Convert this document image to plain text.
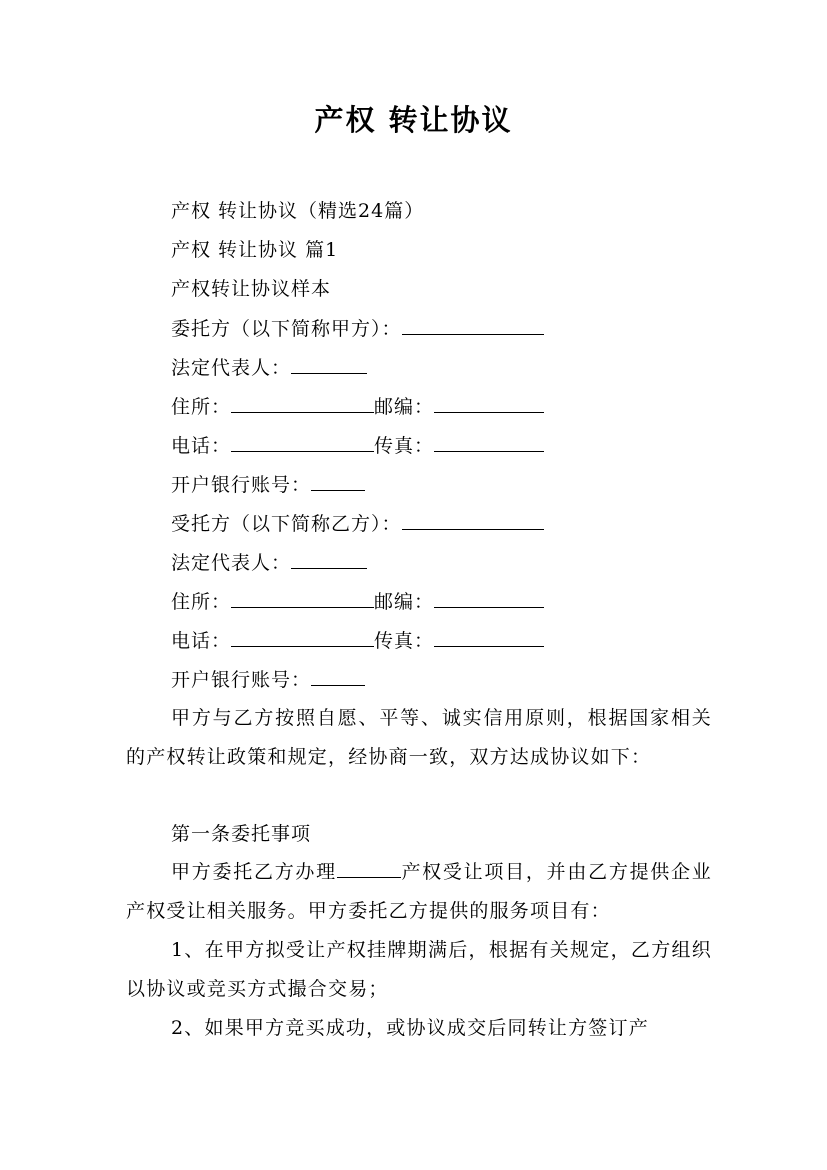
产权 转让协议
产权 转让协议（精选24篇）
产权 转让协议 篇1
产权转让协议样本
委托方（以下简称甲方）：
法定代表人：
住所：	邮编：
电话：	传真：
开户银行账号：
受托方（以下简称乙方）：
法定代表人：
住所：	邮编：
电话：	传真：
开户银行账号：
甲方与乙方按照自愿、平等、诚实信用原则，根据国家相关的产权转让政策和规定，经协商一致，双方达成协议如下：
第一条委托事项
甲方委托乙方办理	产权受让项目，并由乙方提供企业产权受让相关服务。甲方委托乙方提供的服务项目有：
1、在甲方拟受让产权挂牌期满后，根据有关规定，乙方组织以协议或竞买方式撮合交易；
2、如果甲方竞买成功，或协议成交后同转让方签订产
